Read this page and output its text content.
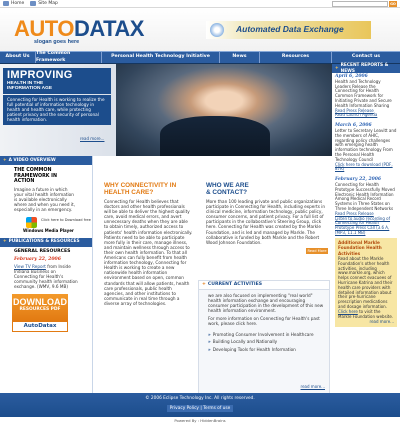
Home	Site Map	GO
AUTODATAX
slogan goes here
Automated Data Exchange
About Us
The Common Framework
Personal Health Technology Initiative	News	Resources	Contact us
IMPROVING
HEALTH IN THE
INFORMATION AGE
Connecting for Health is working to realize the full potential of information technology in health and health care, while protecting patient privacy and the security of personal health information.
read more...
+
RECENT REPORTS & NEWS
April 6, 2006
Health and Technology Leaders Release the Connecting for Health Common Framework for Initiating Private and Secure Health Information Sharing
Read Press Release
Read Launch Agenda
March 6, 2006
Letter to Secretary Leavitt and the members of AHIC, regarding policy challenges with emerging health information technology From the Personal Health Technology Council
Click here to download (PDF, 87K)
February 22, 2006
Connecting for Health Prototype Successfully Moved Electronic Health Information Among Medical Record Systems in Three States on Three Independent Networks
Read Press Release
Listen to audio recording of Connecting for Health Prototype Press Call (3.6 A, (MP3, 11.1 MB)
Additional Markle Foundation Health Activities
Read about the Markle Foundation's other health activities, including www.markle.org, which helps connect evacuees of Hurricane Katrina and their health care providers with detailed information about their pre-hurricane prescription medications and dosage information. Click here to visit the Markle Foundation website.
read more...
+ A VIDEO OVERVIEW
THE COMMON FRAMEWORK IN ACTION
Imagine a future in which your vital health information is available electronically where and when you need it, especially in an emergency.
Windows Media Player
Click here to Download free
+ PUBLICATIONS & RESOURCES
GENERAL RESOURCES
February 22, 2006
View TV Report from Inside Indiana Business on Connecting for Health's community health information exchange. (WMV, 9.6 MB)
DOWNLOAD
RESOURCES PDF
AutoDatax
WHY CONNECTIVITY IN
HEALTH CARE?
Connecting for Health believes that doctors and other health professionals will be able to deliver the highest quality care, avoid medical errors, and avert unnecessary deaths when they are able to obtain timely, authorized access to patients' health information electronically. Patients need to be able to participate more fully in their care, manage illness, and maintain wellness through access to their own health information. To that all Americans can fully benefit from health information technology, Connecting for Health is working to create a new nationwide health information environment based on open, common standards that will allow patients, health care professionals, public health agencies, and other institutions to communicate in real time through a diverse array of technologies.
WHO WE ARE
& CONTACT?
More than 100 leading private and public organizations participate in Connecting for Health, including experts in clinical medicine, information technology, public policy, consumer concerns, and patient privacy. For a full list of participants in the collaborative's Steering Group, click here. Connecting for Health was created by the Markle Foundation, and is led and managed by Markle. The collaborative is funded by both Markle and the Robert Wood Johnson Foundation.
Read More
+ CURRENT ACTIVITIES
we are also focused on implementing "real world" health information exchange and encouraging consumer participation in the development of this new health information environment.
For more information on Connecting for Health's past work, please click here.
» Promoting Consumer Involvement in Healthcare
» Building Locally and Nationally
» Developing Tools for Health Information
read more...
© 2006 Eclipse Technology Inc. All rights reserved.
Privacy Policy | Terms of use
Powered By : HiddenBrains
